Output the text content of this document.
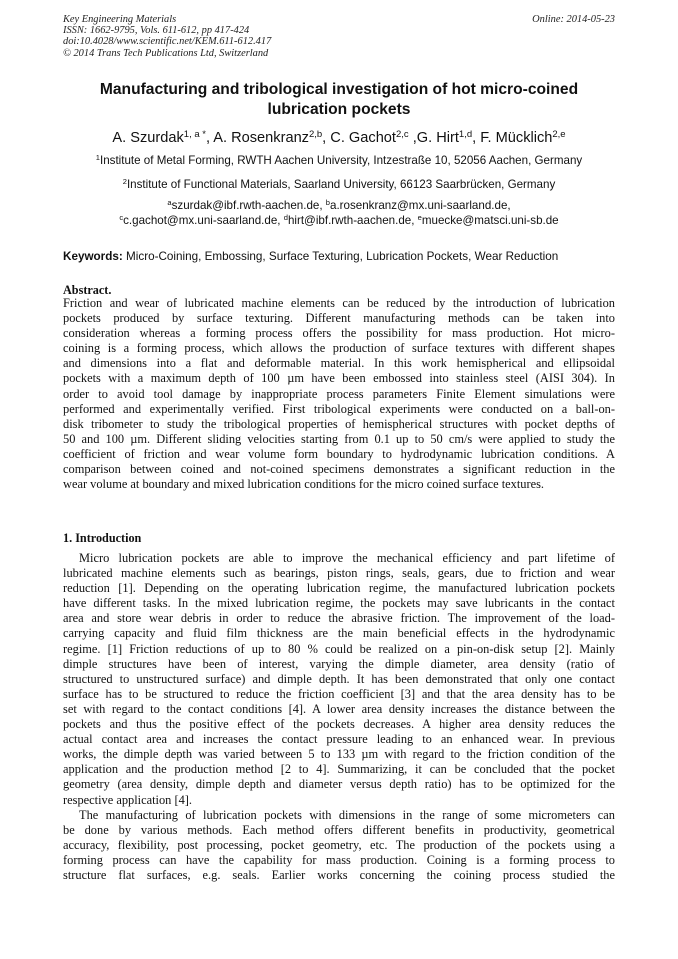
Key Engineering Materials
ISSN: 1662-9795, Vols. 611-612, pp 417-424
doi:10.4028/www.scientific.net/KEM.611-612.417
© 2014 Trans Tech Publications Ltd, Switzerland
Online: 2014-05-23
Manufacturing and tribological investigation of hot micro-coined
lubrication pockets
A. Szurdak$^{1, a *}$, A. Rosenkranz$^{2,b}$, C. Gachot$^{2,c}$ ,G. Hirt$^{1,d}$, F. Mücklich$^{2,e}$
$^1$Institute of Metal Forming, RWTH Aachen University, Intzestraße 10, 52056 Aachen, Germany
$^2$Institute of Functional Materials, Saarland University, 66123 Saarbrücken, Germany
$^a$szurdak@ibf.rwth-aachen.de, $^b$a.rosenkranz@mx.uni-saarland.de,
$^c$c.gachot@mx.uni-saarland.de, $^d$hirt@ibf.rwth-aachen.de, $^e$muecke@matsci.uni-sb.de
Keywords: Micro-Coining, Embossing, Surface Texturing, Lubrication Pockets, Wear Reduction
Abstract.
Friction and wear of lubricated machine elements can be reduced by the introduction of lubrication
pockets produced by surface texturing. Different manufacturing methods can be taken into
consideration whereas a forming process offers the possibility for mass production. Hot micro-
coining is a forming process, which allows the production of surface textures with different shapes
and dimensions into a flat and deformable material. In this work hemispherical and ellipsoidal
pockets with a maximum depth of 100 µm have been embossed into stainless steel (AISI 304). In
order to avoid tool damage by inappropriate process parameters Finite Element simulations were
performed and experimentally verified. First tribological experiments were conducted on a ball-on-
disk tribometer to study the tribological properties of hemispherical structures with pocket depths of
50 and 100 µm. Different sliding velocities starting from 0.1 up to 50 cm/s were applied to study the
coefficient of friction and wear volume form boundary to hydrodynamic lubrication conditions. A
comparison between coined and not-coined specimens demonstrates a significant reduction in the
wear volume at boundary and mixed lubrication conditions for the micro coined surface textures.
1. Introduction
Micro lubrication pockets are able to improve the mechanical efficiency and part lifetime of
lubricated machine elements such as bearings, piston rings, seals, gears, due to friction and wear
reduction [1]. Depending on the operating lubrication regime, the manufactured lubrication pockets
have different tasks. In the mixed lubrication regime, the pockets may save lubricants in the contact
area and store wear debris in order to reduce the abrasive friction. The improvement of the load-
carrying capacity and fluid film thickness are the main beneficial effects in the hydrodynamic
regime. [1] Friction reductions of up to 80 % could be realized on a pin-on-disk setup [2]. Mainly
dimple structures have been of interest, varying the dimple diameter, area density (ratio of
structured to unstructured surface) and dimple depth. It has been demonstrated that only one contact
surface has to be structured to reduce the friction coefficient [3] and that the area density has to be
set with regard to the contact conditions [4]. A lower area density increases the distance between the
pockets and thus the positive effect of the pockets decreases. A higher area density reduces the
actual contact area and increases the contact pressure leading to an enhanced wear. In previous
works, the dimple depth was varied between 5 to 133 µm with regard to the friction condition of the
application and the production method [2 to 4]. Summarizing, it can be concluded that the pocket
geometry (area density, dimple depth and diameter versus depth ratio) has to be optimized for the
respective application [4].
The manufacturing of lubrication pockets with dimensions in the range of some micrometers can
be done by various methods. Each method offers different benefits in productivity, geometrical
accuracy, flexibility, post processing, pocket geometry, etc. The production of the pockets using a
forming process can have the capability for mass production. Coining is a forming process to
structure flat surfaces, e.g. seals. Earlier works concerning the coining process studied the
